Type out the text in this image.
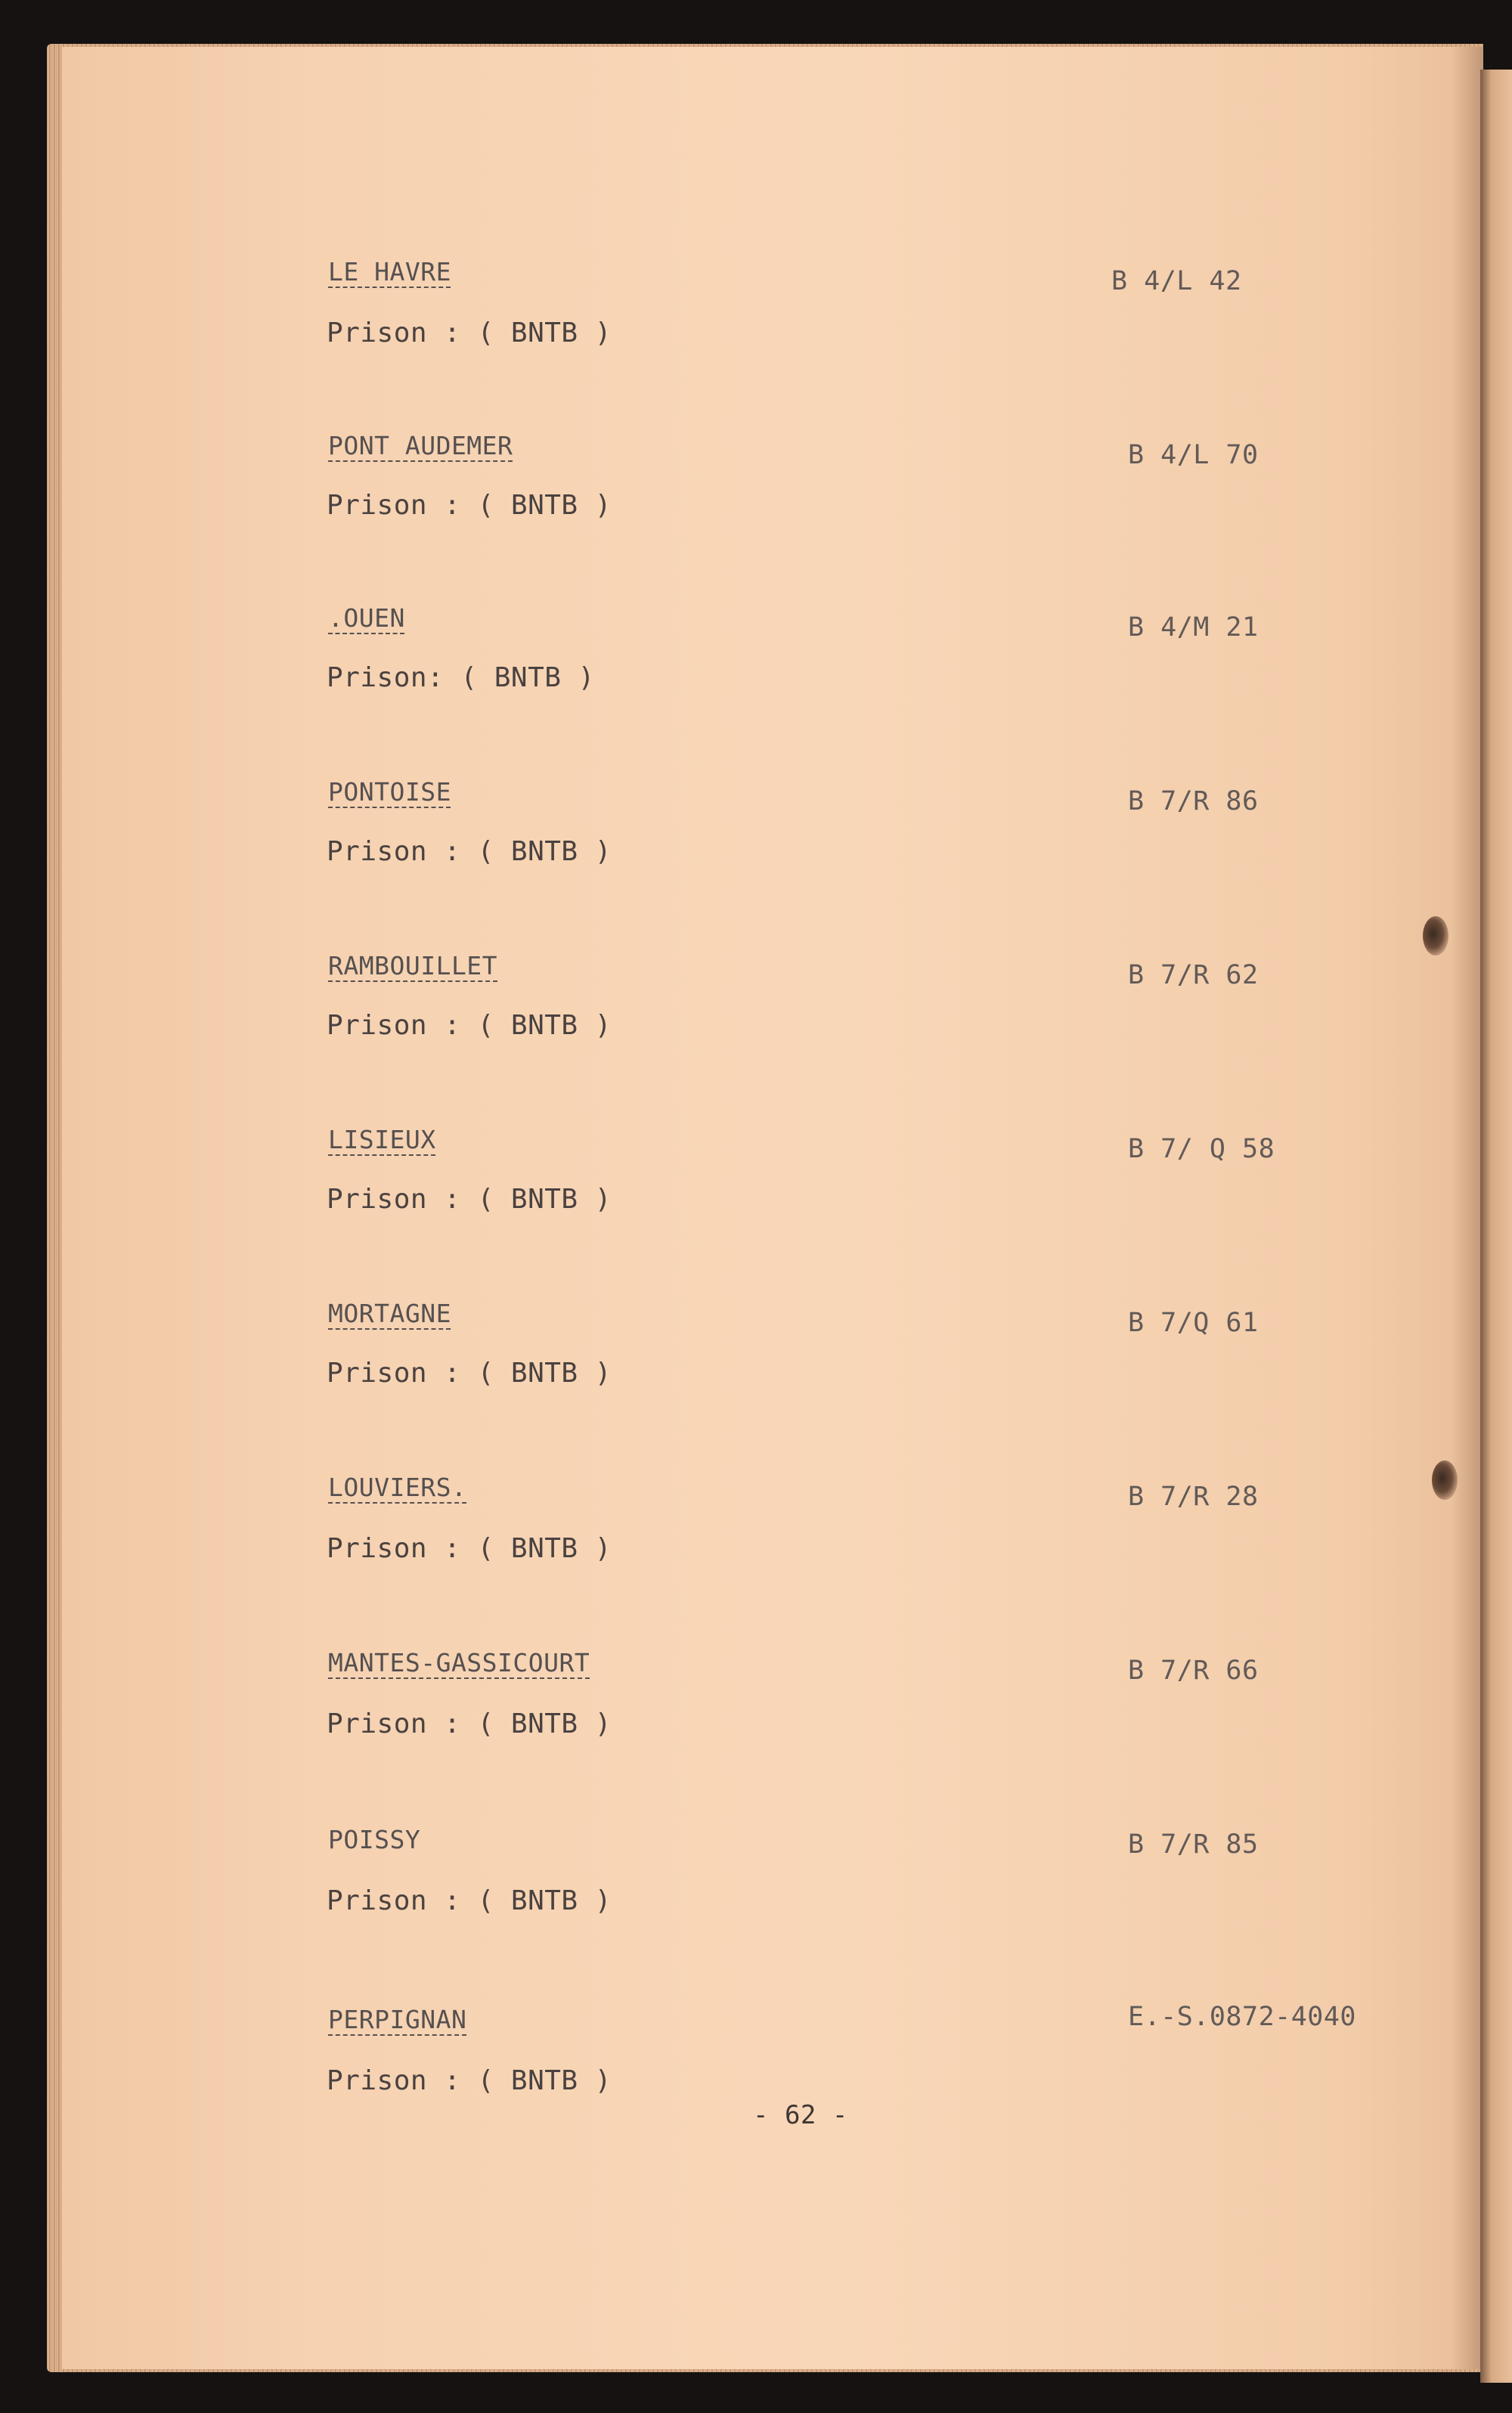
LE HAVRE	B 4/L 42
Prison : ( BNTB )
PONT AUDEMER	B 4/L 70
Prison : ( BNTB )
.OUEN	B 4/M 21
Prison: ( BNTB )
PONTOISE	B 7/R 86
Prison : ( BNTB )
RAMBOUILLET	B 7/R 62
Prison : ( BNTB )
LISIEUX	B 7/ Q 58
Prison : ( BNTB )
MORTAGNE	B 7/Q 61
Prison : ( BNTB )
LOUVIERS.	B 7/R 28
Prison : ( BNTB )
MANTES-GASSICOURT	B 7/R 66
Prison : ( BNTB )
POISSY	B 7/R 85
Prison : ( BNTB )
PERPIGNAN	E.-S.0872-4040
Prison : ( BNTB )
- 62 -
